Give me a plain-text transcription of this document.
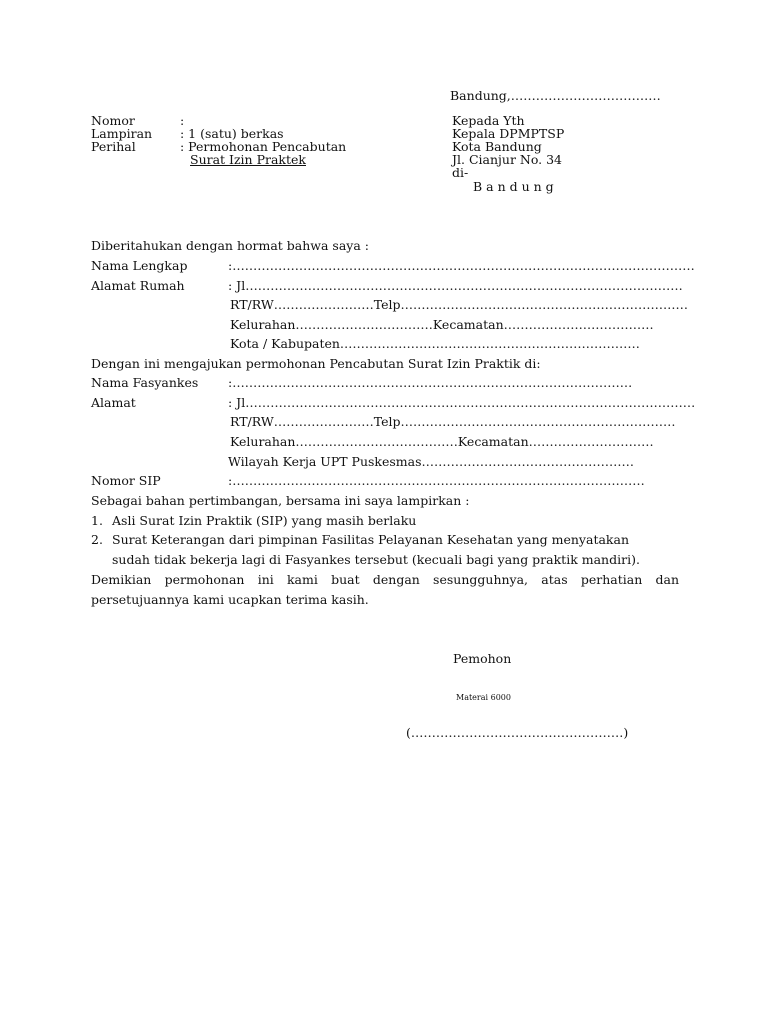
Bandung,………………………………
Nomor	:
Lampiran : 1 (satu) berkas
Perihal	: Permohonan Pencabutan
Surat Izin Praktek
Kepada Yth
Kepala DPMPTSP
Kota Bandung
Jl. Cianjur No. 34
di-
B a n d u n g
Diberitahukan dengan hormat bahwa saya :
Nama Lengkap	:…………………………………………………………………………………………………
Alamat Rumah	: Jl……………………………………………………………………………………………
RT/RW……………………Telp……………………………………………………………
Kelurahan……………………………Kecamatan………………………………
Kota / Kabupaten………………………………………………………………
Dengan ini mengajukan permohonan Pencabutan Surat Izin Praktik di:
Nama Fasyankes :……………………………………………………………………………………
Alamat	: Jl………………………………………………………………………………………………
RT/RW……………………Telp…………………………………………………………
Kelurahan…………………………………Kecamatan…………………………
Wilayah Kerja UPT Puskesmas……………………………………………
Nomor SIP	:………………………………………………………………………………………
Sebagai bahan pertimbangan, bersama ini saya lampirkan :
1. Asli Surat Izin Praktik (SIP) yang masih berlaku
2. Surat Keterangan dari pimpinan Fasilitas Pelayanan Kesehatan yang menyatakan
sudah tidak bekerja lagi di Fasyankes tersebut (kecuali bagi yang praktik mandiri).
Demikian permohonan ini kami buat dengan sesungguhnya, atas perhatian dan
persetujuannya kami ucapkan terima kasih.
Pemohon
Materai 6000
(……………………………………………)
